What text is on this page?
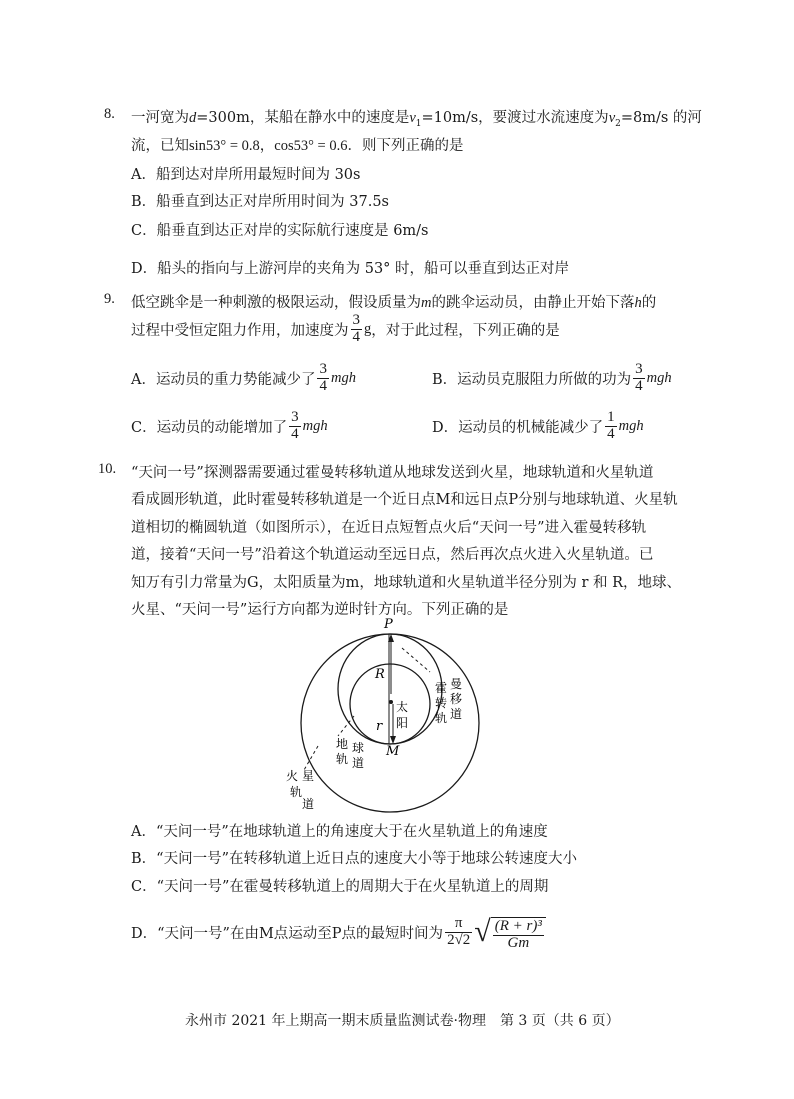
8. 一河宽为d=300m，某船在静水中的速度是$v_1=10m/s$，要渡过水流速度为$v_2=8m/s$ 的河
流，已知sin53° = 0.8，cos53° = 0.6．则下列正确的是
A．船到达对岸所用最短时间为 30s
B．船垂直到达正对岸所用时间为 37.5s
C．船垂直到达正对岸的实际航行速度是 6m/s
D．船头的指向与上游河岸的夹角为 53° 时，船可以垂直到达正对岸
9. 低空跳伞是一种刺激的极限运动，假设质量为m的跳伞运动员，由静止开始下落h的
过程中受恒定阻力作用，加速度为 $\frac{3}{4}$ g，对于此过程，下列正确的是
A．运动员的重力势能减少了 $\frac{3}{4}$ mgh	B．运动员克服阻力所做的功为 $\frac{3}{4}$ mgh
C．运动员的动能增加了 $\frac{3}{4}$ mgh	D．运动员的机械能减少了 $\frac{1}{4}$ mgh
10. “天问一号”探测器需要通过霍曼转移轨道从地球发送到火星，地球轨道和火星轨道
看成圆形轨道，此时霍曼转移轨道是一个近日点M和远日点P分别与地球轨道、火星轨
道相切的椭圆轨道（如图所示），在近日点短暂点火后“天问一号”进入霍曼转移轨
道，接着“天问一号”沿着这个轨道运动至远日点，然后再次点火进入火星轨道。已
知万有引力常量为G，太阳质量为m，地球轨道和火星轨道半径分别为 r 和 R，地球、
火星、“天问一号”运行方向都为逆时针方向。下列正确的是
P
M
R
r
太
阳
霍 曼
转 移
轨 道
地 球
轨 道
火 星
轨
道
A．“天问一号”在地球轨道上的角速度大于在火星轨道上的角速度
B．“天问一号”在转移轨道上近日点的速度大小等于地球公转速度大小
C．“天问一号”在霍曼转移轨道上的周期大于在火星轨道上的周期
D．“天问一号”在由M点运动至P点的最短时间为 $\frac{\pi}{2√2}$ √ $\frac{\text{(R + r)³}}{Gm}$
永州市 2021 年上期高一期末质量监测试卷·物理　第 3 页（共 6 页）
